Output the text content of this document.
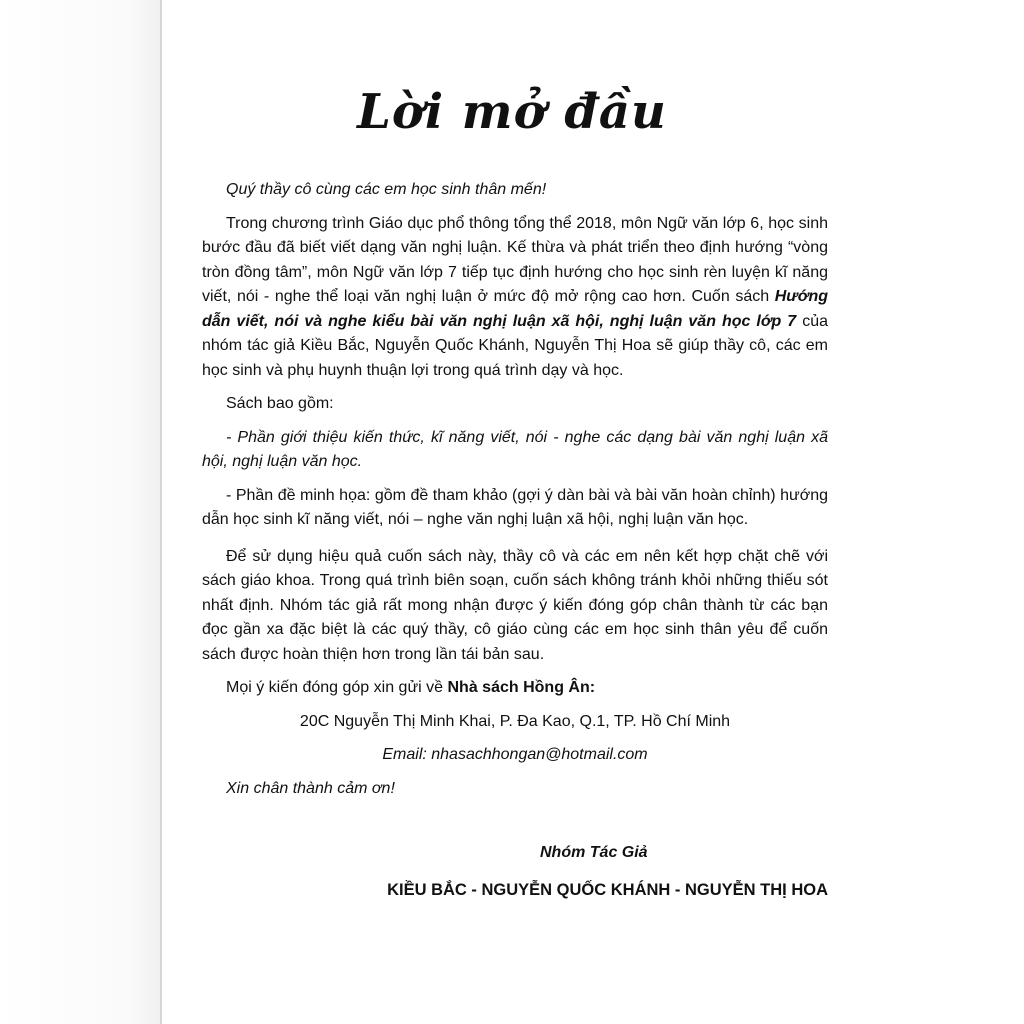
Lời mở đầu

Quý thầy cô cùng các em học sinh thân mến!

Trong chương trình Giáo dục phổ thông tổng thể 2018, môn Ngữ văn lớp 6, học sinh bước đầu đã biết viết dạng văn nghị luận. Kế thừa và phát triển theo định hướng “vòng tròn đồng tâm”, môn Ngữ văn lớp 7 tiếp tục định hướng cho học sinh rèn luyện kĩ năng viết, nói - nghe thể loại văn nghị luận ở mức độ mở rộng cao hơn. Cuốn sách Hướng dẫn viết, nói và nghe kiểu bài văn nghị luận xã hội, nghị luận văn học lớp 7 của nhóm tác giả Kiều Bắc, Nguyễn Quốc Khánh, Nguyễn Thị Hoa sẽ giúp thầy cô, các em học sinh và phụ huynh thuận lợi trong quá trình dạy và học.

Sách bao gồm:

- Phần giới thiệu kiến thức, kĩ năng viết, nói - nghe các dạng bài văn nghị luận xã hội, nghị luận văn học.

- Phần đề minh họa: gồm đề tham khảo (gợi ý dàn bài và bài văn hoàn chỉnh) hướng dẫn học sinh kĩ năng viết, nói – nghe văn nghị luận xã hội, nghị luận văn học.

Để sử dụng hiệu quả cuốn sách này, thầy cô và các em nên kết hợp chặt chẽ với sách giáo khoa. Trong quá trình biên soạn, cuốn sách không tránh khỏi những thiếu sót nhất định. Nhóm tác giả rất mong nhận được ý kiến đóng góp chân thành từ các bạn đọc gần xa đặc biệt là các quý thầy, cô giáo cùng các em học sinh thân yêu để cuốn sách được hoàn thiện hơn trong lần tái bản sau.

Mọi ý kiến đóng góp xin gửi về Nhà sách Hồng Ân:

20C Nguyễn Thị Minh Khai, P. Đa Kao, Q.1, TP. Hồ Chí Minh

Email: nhasachhongan@hotmail.com

Xin chân thành cảm ơn!

Nhóm Tác Giả

KIỀU BẮC - NGUYỄN QUỐC KHÁNH - NGUYỄN THỊ HOA
